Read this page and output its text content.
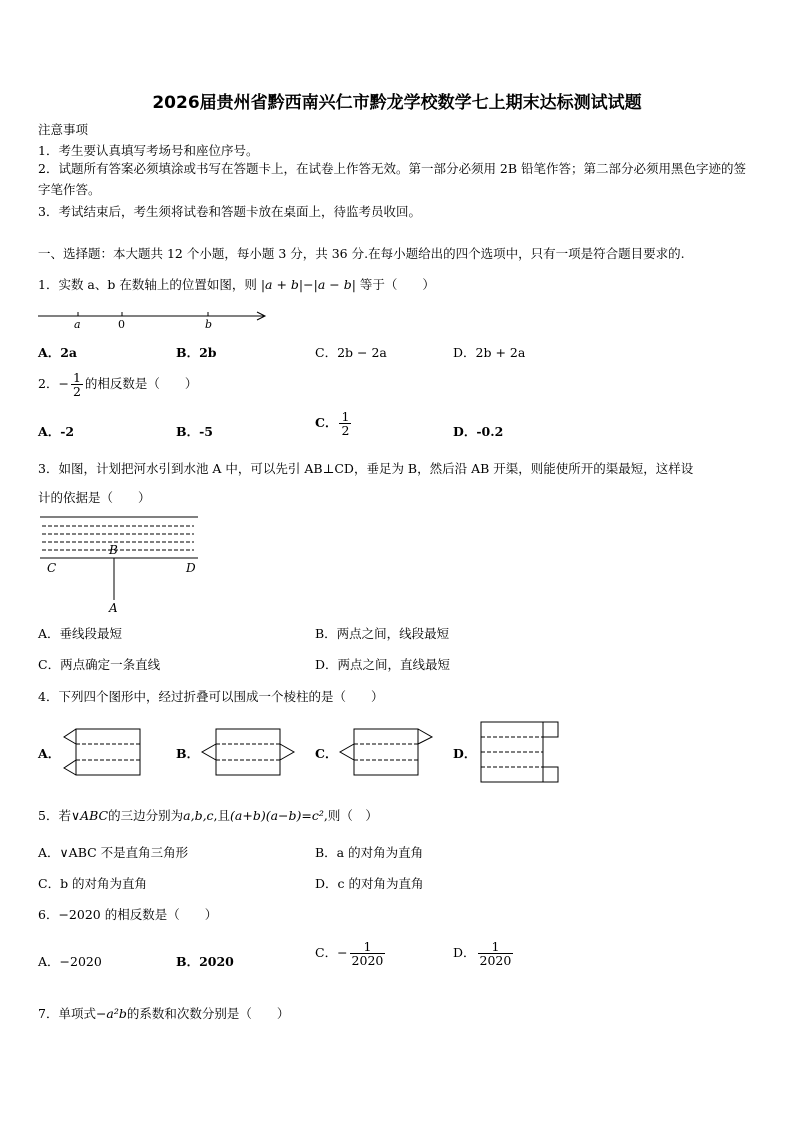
2026届贵州省黔西南兴仁市黔龙学校数学七上期末达标测试试题
注意事项
1．考生要认真填写考场号和座位序号。
2．试题所有答案必须填涂或书写在答题卡上，在试卷上作答无效。第一部分必须用 2B 铅笔作答；第二部分必须用黑色字迹的签字笔作答。
3．考试结束后，考生须将试卷和答题卡放在桌面上，待监考员收回。
一、选择题：本大题共 12 个小题，每小题 3 分，共 36 分.在每小题给出的四个选项中，只有一项是符合题目要求的.
1．实数 a、b 在数轴上的位置如图，则 |a + b|−|a − b| 等于（　　）
a	0	b
A．2a	B．2b	C．2b − 2a	D．2b + 2a
2．− $\frac{1}{2}$ 的相反数是（　　）
A．-2	B．-5
C． $\frac{1}{2}$	D．-0.2
3．如图，计划把河水引到水池 A 中，可以先引 AB⊥CD，垂足为 B，然后沿 AB 开渠，则能使所开的渠最短，这样设
计的依据是（　　）
B
C	D
A
A．垂线段最短	B．两点之间，线段最短
C．两点确定一条直线	D．两点之间，直线最短
4．下列四个图形中，经过折叠可以围成一个棱柱的是（　　）
A．	B．	C．	D．
5．若∨ABC的三边分别为a,b,c,且(a+b)(a−b)=c²,则（　）
A．∨ABC 不是直角三角形	B．a 的对角为直角
C．b 的对角为直角	D．c 的对角为直角
6．−2020 的相反数是（　　）
A．−2020	B．2020
C．− $\frac{1}{2020}$	D． $\frac{1}{2020}$
7．单项式−a²b的系数和次数分别是（　　）
